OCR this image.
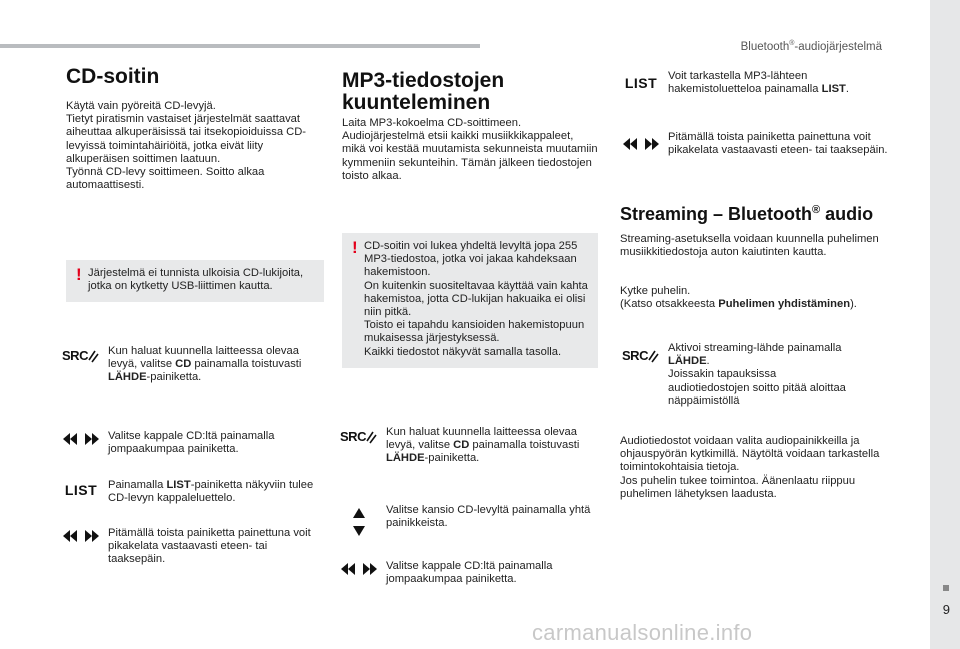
Bluetooth®-audiojärjestelmä
9
CD-soitin
Käytä vain pyöreitä CD-levyjä.
Tietyt piratismin vastaiset järjestelmät saattavat aiheuttaa alkuperäisissä tai itsekopioiduissa CD-levyissä toimintahäiriöitä, jotka eivät liity alkuperäisen soittimen laatuun.
Työnnä CD-levy soittimeen. Soitto alkaa automaattisesti.
! Järjestelmä ei tunnista ulkoisia CD-lukijoita, jotka on kytketty USB-liittimen kautta.
SRC Kun haluat kuunnella laitteessa olevaa levyä, valitse CD painamalla toistuvasti LÄHDE-painiketta.
Valitse kappale CD:ltä painamalla jompaakumpaa painiketta.
LIST Painamalla LIST-painiketta näkyviin tulee CD-levyn kappaleluettelo.
Pitämällä toista painiketta painettuna voit pikakelata vastaavasti eteen- tai taaksepäin.
MP3-tiedostojen kuunteleminen
Laita MP3-kokoelma CD-soittimeen.
Audiojärjestelmä etsii kaikki musiikkikappaleet, mikä voi kestää muutamista sekunneista muutamiin kymmeniin sekunteihin. Tämän jälkeen tiedostojen toisto alkaa.
! CD-soitin voi lukea yhdeltä levyltä jopa 255 MP3-tiedostoa, jotka voi jakaa kahdeksaan hakemistoon.
On kuitenkin suositeltavaa käyttää vain kahta hakemistoa, jotta CD-lukijan hakuaika ei olisi niin pitkä.
Toisto ei tapahdu kansioiden hakemistopuun mukaisessa järjestyksessä.
Kaikki tiedostot näkyvät samalla tasolla.
SRC Kun haluat kuunnella laitteessa olevaa levyä, valitse CD painamalla toistuvasti LÄHDE-painiketta.
Valitse kansio CD-levyltä painamalla yhtä painikkeista.
Valitse kappale CD:ltä painamalla jompaakumpaa painiketta.
LIST Voit tarkastella MP3-lähteen hakemistoluetteloa painamalla LIST.
Pitämällä toista painiketta painettuna voit pikakelata vastaavasti eteen- tai taaksepäin.
Streaming – Bluetooth® audio
Streaming-asetuksella voidaan kuunnella puhelimen musiikkitiedostoja auton kaiutinten kautta.
Kytke puhelin.
(Katso otsakkeesta Puhelimen yhdistäminen).
SRC Aktivoi streaming-lähde painamalla LÄHDE.
Joissakin tapauksissa audiotiedostojen soitto pitää aloittaa näppäimistöllä
Audiotiedostot voidaan valita audiopainikkeilla ja ohjauspyörän kytkimillä. Näytöltä voidaan tarkastella toimintokohtaisia tietoja.
Jos puhelin tukee toimintoa. Äänenlaatu riippuu puhelimen lähetyksen laadusta.
carmanualsonline.info
